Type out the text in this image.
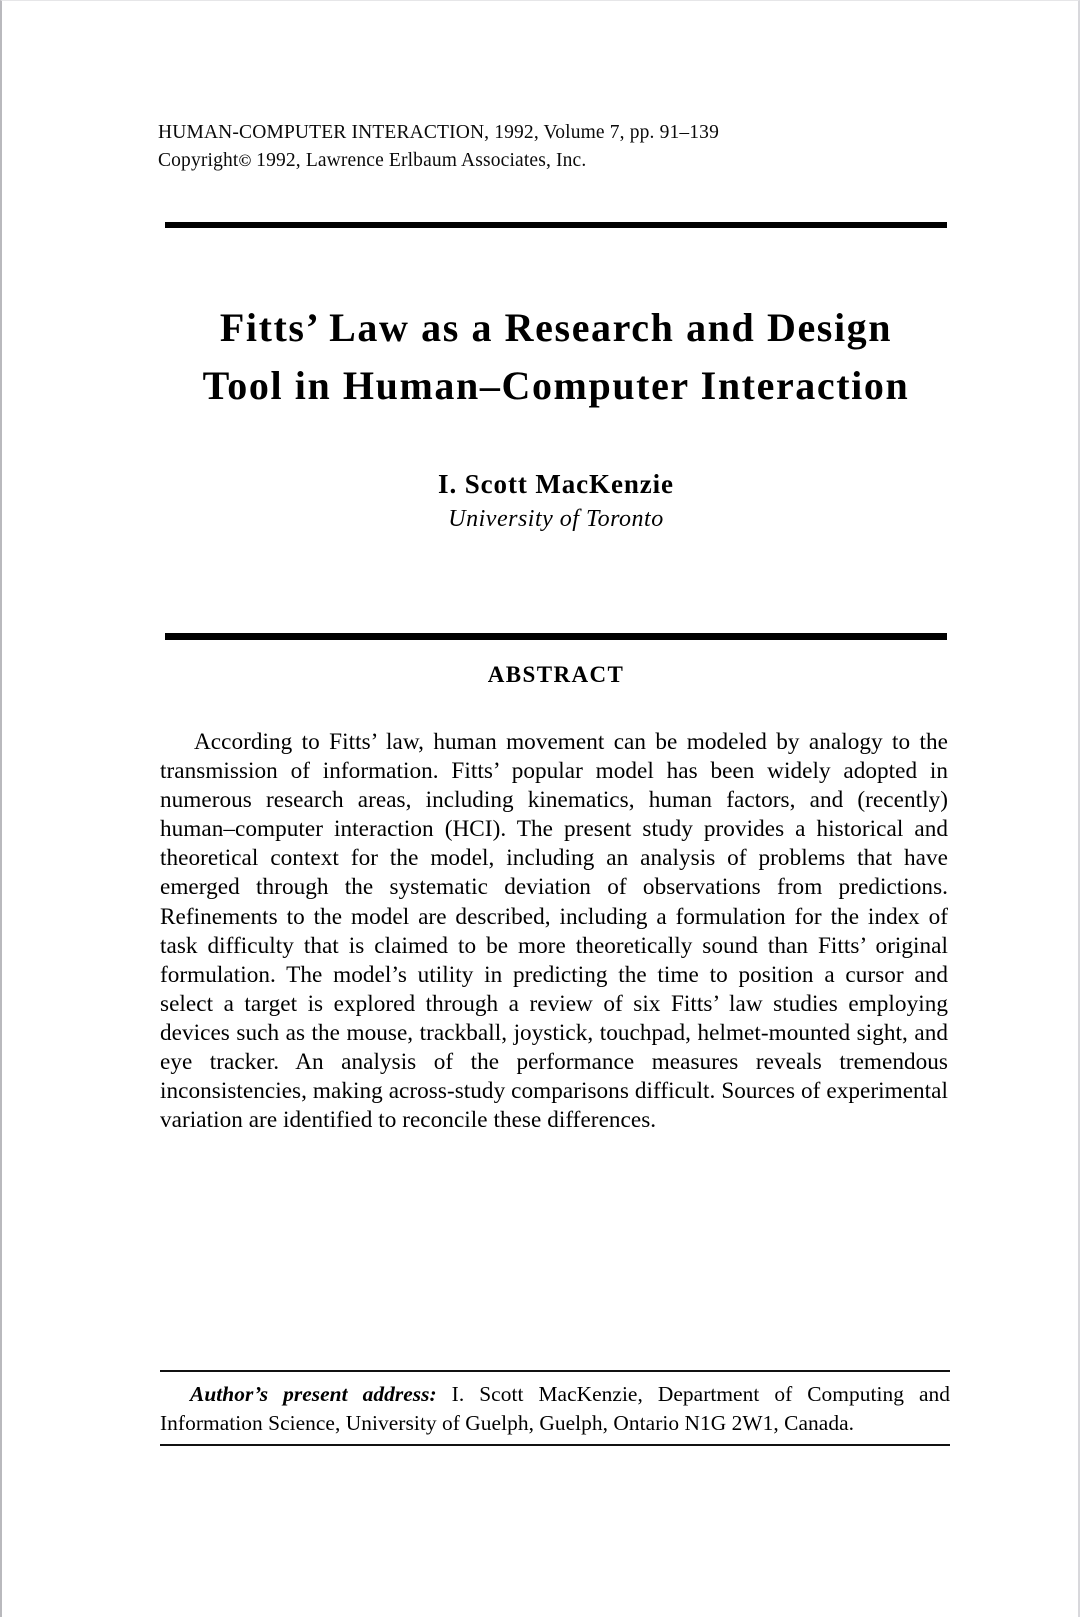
HUMAN-COMPUTER INTERACTION, 1992, Volume 7, pp. 91–139
Copyright© 1992, Lawrence Erlbaum Associates, Inc.
Fitts’ Law as a Research and Design
Tool in Human–Computer Interaction
I. Scott MacKenzie
University of Toronto
ABSTRACT
According to Fitts’ law, human movement can be modeled by analogy to the transmission of information. Fitts’ popular model has been widely adopted in numerous research areas, including kinematics, human factors, and (recently) human–computer interaction (HCI). The present study provides a historical and theoretical context for the model, including an analysis of problems that have emerged through the systematic deviation of observations from predictions. Refinements to the model are described, including a formulation for the index of task difficulty that is claimed to be more theoretically sound than Fitts’ original formulation. The model’s utility in predicting the time to position a cursor and select a target is explored through a review of six Fitts’ law studies employing devices such as the mouse, trackball, joystick, touchpad, helmet-mounted sight, and eye tracker. An analysis of the performance measures reveals tremendous inconsistencies, making across-study comparisons difficult. Sources of experimental variation are identified to reconcile these differences.
Author’s present address: I. Scott MacKenzie, Department of Computing and Information Science, University of Guelph, Guelph, Ontario N1G 2W1, Canada.
